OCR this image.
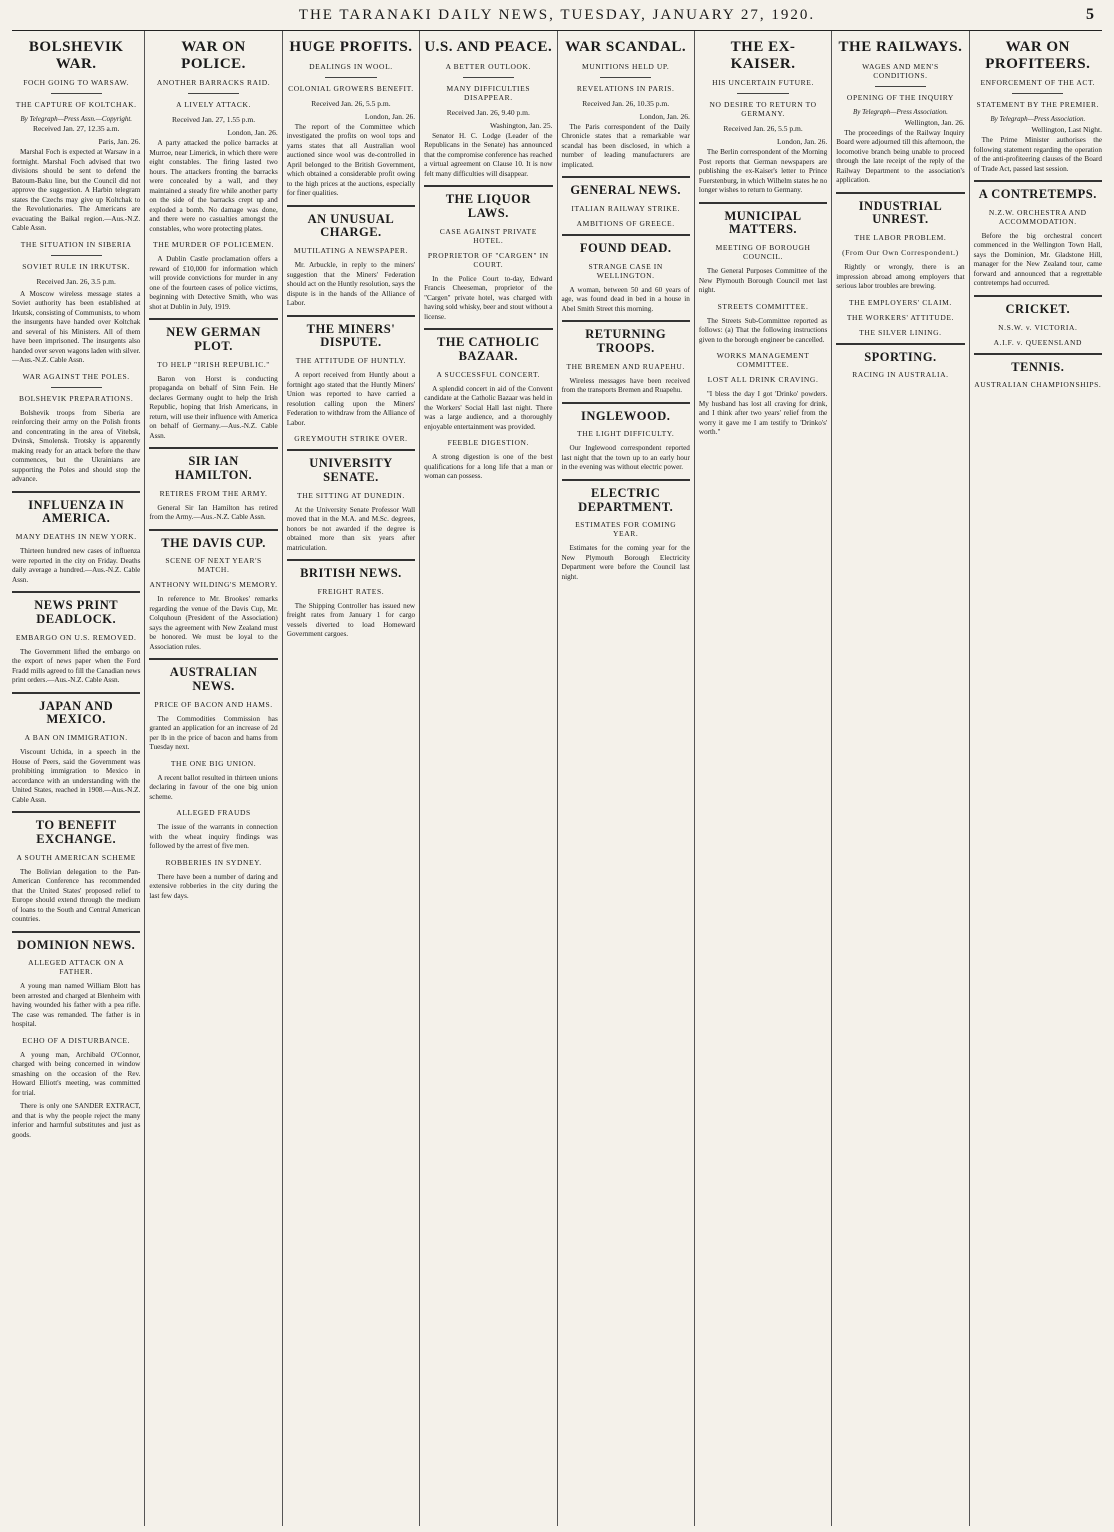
THE TARANAKI DAILY NEWS, TUESDAY, JANUARY 27, 1920.	5
BOLSHEVIK WAR.
FOCH GOING TO WARSAW.
THE CAPTURE OF KOLTCHAK.
By Telegraph—Press Assn.—Copyright.
Received Jan. 27, 12.35 a.m.
Paris, Jan. 26.

Marshal Foch is expected at Warsaw in a fortnight. Marshal Foch advised that two divisions should be sent to defend the Batoum-Baku line, but the Council did not approve the suggestion. A Harbin telegram states the Czechs may give up Koltchak to the Revolutionaries. The Americans are evacuating the Baikal region.—Aus.-N.Z. Cable Assn.

THE SITUATION IN SIBERIA
SOVIET RULE IN IRKUTSK.
Received Jan. 26, 3.5 p.m.

A Moscow wireless message states a Soviet authority has been established at Irkutsk, consisting of Communists, to whom the insurgents have handed over Koltchak and several of his Ministers. All of them have been imprisoned. The insurgents also handed over seven wagons laden with silver.—Aus.-N.Z. Cable Assn.

WAR AGAINST THE POLES.
BOLSHEVIK PREPARATIONS.

Bolshevik troops from Siberia are reinforcing their army on the Polish fronts and concentrating in the area of Vitebsk, Dvinsk, Smolensk. Trotsky is apparently making ready for an attack before the thaw commences, but the Ukrainians are supporting the Poles and should stop the advance.

INFLUENZA IN AMERICA.
MANY DEATHS IN NEW YORK.

Thirteen hundred new cases of influenza were reported in the city on Friday. Deaths daily average a hundred.—Aus.-N.Z. Cable Assn.

NEWS PRINT DEADLOCK.
EMBARGO ON U.S. REMOVED.

The Government lifted the embargo on the export of news paper when the Ford Fradd mills agreed to fill the Canadian news print orders.—Aus.-N.Z. Cable Assn.

JAPAN AND MEXICO.
A BAN ON IMMIGRATION.

Viscount Uchida, in a speech in the House of Peers, said the Government was prohibiting immigration to Mexico in accordance with an understanding with the United States, reached in 1908.—Aus.-N.Z. Cable Assn.

TO BENEFIT EXCHANGE.
A SOUTH AMERICAN SCHEME

The Bolivian delegation to the Pan-American Conference has recommended that the United States' proposed relief to Europe should extend through the medium of loans to the South and Central American countries.

DOMINION NEWS.
ALLEGED ATTACK ON A FATHER.

A young man named William Blott has been arrested and charged at Blenheim with having wounded his father with a pea rifle. The case was remanded. The father is in hospital.

ECHO OF A DISTURBANCE.

A young man, Archibald O'Connor, charged with being concerned in window smashing on the occasion of the Rev. Howard Elliott's meeting, was committed for trial.

There is only one SANDER EXTRACT, and that is why the people reject the many inferior and harmful substitutes and just as goods.

WAR ON POLICE.
ANOTHER BARRACKS RAID.
A LIVELY ATTACK.
Received Jan. 27, 1.55 p.m.
London, Jan. 26.

A party attacked the police barracks at Murroe, near Limerick, in which there were eight constables. The firing lasted two hours. The attackers fronting the barracks were concealed by a wall, and they maintained a steady fire while another party on the side of the barracks crept up and exploded a bomb. No damage was done, and there were no casualties amongst the constables, who wore protecting plates.

THE MURDER OF POLICEMEN.

A Dublin Castle proclamation offers a reward of £10,000 for information which will provide convictions for murder in any one of the fourteen cases of police victims, beginning with Detective Smith, who was shot at Dublin in July, 1919.

NEW GERMAN PLOT.
TO HELP "IRISH REPUBLIC."

Baron von Horst is conducting propaganda on behalf of Sinn Fein. He declares Germany ought to help the Irish Republic, hoping that Irish Americans, in return, will use their influence with America on behalf of Germany.—Aus.-N.Z. Cable Assn.

SIR IAN HAMILTON.
RETIRES FROM THE ARMY.

General Sir Ian Hamilton has retired from the Army.—Aus.-N.Z. Cable Assn.

THE DAVIS CUP.
SCENE OF NEXT YEAR'S MATCH.
ANTHONY WILDING'S MEMORY.

In reference to Mr. Brookes' remarks regarding the venue of the Davis Cup, Mr. Colquhoun (President of the Association) says the agreement with New Zealand must be honored. We must be loyal to the Association rules.

AUSTRALIAN NEWS.
PRICE OF BACON AND HAMS.

The Commodities Commission has granted an application for an increase of 2d per lb in the price of bacon and hams from Tuesday next.

THE ONE BIG UNION.

A recent ballot resulted in thirteen unions declaring in favour of the one big union scheme.

ALLEGED FRAUDS

The issue of the warrants in connection with the wheat inquiry findings was followed by the arrest of five men.

ROBBERIES IN SYDNEY.

There have been a number of daring and extensive robberies in the city during the last few days.

HUGE PROFITS.
DEALINGS IN WOOL.
COLONIAL GROWERS BENEFIT.
Received Jan. 26, 5.5 p.m.
London, Jan. 26.

The report of the Committee which investigated the profits on wool tops and yarns states that all Australian wool auctioned since wool was de-controlled in April belonged to the British Government, which obtained a considerable profit owing to the high prices at the auctions, especially for finer qualities.

AN UNUSUAL CHARGE.
MUTILATING A NEWSPAPER.

Mr. Arbuckle, in reply to the miners' suggestion that the Miners' Federation should act on the Huntly resolution, says the dispute is in the hands of the Alliance of Labor.

THE MINERS' DISPUTE.
THE ATTITUDE OF HUNTLY.

A report received from Huntly about a fortnight ago stated that the Huntly Miners' Union was reported to have carried a resolution calling upon the Miners' Federation to withdraw from the Alliance of Labor.

GREYMOUTH STRIKE OVER.
UNIVERSITY SENATE.
THE SITTING AT DUNEDIN.

At the University Senate Professor Wall moved that in the M.A. and M.Sc. degrees, honors be not awarded if the degree is obtained more than six years after matriculation.

BRITISH NEWS.
FREIGHT RATES.

The Shipping Controller has issued new freight rates from January 1 for cargo vessels diverted to load Homeward Government cargoes.

U.S. AND PEACE.
A BETTER OUTLOOK.
MANY DIFFICULTIES DISAPPEAR.
Received Jan. 26, 9.40 p.m.
Washington, Jan. 25.

Senator H. C. Lodge (Leader of the Republicans in the Senate) has announced that the compromise conference has reached a virtual agreement on Clause 10. It is now felt many difficulties will disappear.

THE LIQUOR LAWS.
CASE AGAINST PRIVATE HOTEL.
PROPRIETOR OF "CARGEN" IN COURT.

In the Police Court to-day, Edward Francis Cheeseman, proprietor of the "Cargen" private hotel, was charged with having sold whisky, beer and stout without a license.

THE CATHOLIC BAZAAR.
A SUCCESSFUL CONCERT.

A splendid concert in aid of the Convent candidate at the Catholic Bazaar was held in the Workers' Social Hall last night. There was a large audience, and a thoroughly enjoyable entertainment was provided.

FEEBLE DIGESTION.

A strong digestion is one of the best qualifications for a long life that a man or woman can possess.

WAR SCANDAL.
MUNITIONS HELD UP.
REVELATIONS IN PARIS.
Received Jan. 26, 10.35 p.m.
London, Jan. 26.

The Paris correspondent of the Daily Chronicle states that a remarkable war scandal has been disclosed, in which a number of leading manufacturers are implicated.

GENERAL NEWS.
ITALIAN RAILWAY STRIKE.
AMBITIONS OF GREECE.
FOUND DEAD.
STRANGE CASE IN WELLINGTON.

A woman, between 50 and 60 years of age, was found dead in bed in a house in Abel Smith Street this morning.

RETURNING TROOPS.
THE BREMEN AND RUAPEHU.

Wireless messages have been received from the transports Bremen and Ruapehu.

INGLEWOOD.
THE LIGHT DIFFICULTY.

Our Inglewood correspondent reported last night that the town up to an early hour in the evening was without electric power.

ELECTRIC DEPARTMENT.
ESTIMATES FOR COMING YEAR.

Estimates for the coming year for the New Plymouth Borough Electricity Department were before the Council last night.

THE EX-KAISER.
HIS UNCERTAIN FUTURE.
NO DESIRE TO RETURN TO GERMANY.
Received Jan. 26, 5.5 p.m.
London, Jan. 26.

The Berlin correspondent of the Morning Post reports that German newspapers are publishing the ex-Kaiser's letter to Prince Fuerstenburg, in which Wilhelm states he no longer wishes to return to Germany.

MUNICIPAL MATTERS.
MEETING OF BOROUGH COUNCIL.

The General Purposes Committee of the New Plymouth Borough Council met last night.

STREETS COMMITTEE.

The Streets Sub-Committee reported as follows: (a) That the following instructions given to the borough engineer be cancelled.

WORKS MANAGEMENT COMMITTEE.
LOST ALL DRINK CRAVING.

"I bless the day I got 'Drinko' powders. My husband has lost all craving for drink, and I think after two years' relief from the worry it gave me I am testify to 'Drinko's' worth."

THE RAILWAYS.
WAGES AND MEN'S CONDITIONS.
OPENING OF THE INQUIRY
By Telegraph—Press Association.
Wellington, Jan. 26.

The proceedings of the Railway Inquiry Board were adjourned till this afternoon, the locomotive branch being unable to proceed through the late receipt of the reply of the Railway Department to the association's application.

INDUSTRIAL UNREST.
THE LABOR PROBLEM.
(From Our Own Correspondent.)

Rightly or wrongly, there is an impression abroad among employers that serious labor troubles are brewing.

THE EMPLOYERS' CLAIM.
THE WORKERS' ATTITUDE.
THE SILVER LINING.
SPORTING.
RACING IN AUSTRALIA.
WAR ON PROFITEERS.
ENFORCEMENT OF THE ACT.
STATEMENT BY THE PREMIER.
By Telegraph—Press Association.
Wellington, Last Night.

The Prime Minister authorises the following statement regarding the operation of the anti-profiteering clauses of the Board of Trade Act, passed last session.

A CONTRETEMPS.
N.Z.W. ORCHESTRA AND ACCOMMODATION.

Before the big orchestral concert commenced in the Wellington Town Hall, says the Dominion, Mr. Gladstone Hill, manager for the New Zealand tour, came forward and announced that a regrettable contretemps had occurred.

CRICKET.
N.S.W. v. VICTORIA.
A.I.F. v. QUEENSLAND
TENNIS.
AUSTRALIAN CHAMPIONSHIPS.
